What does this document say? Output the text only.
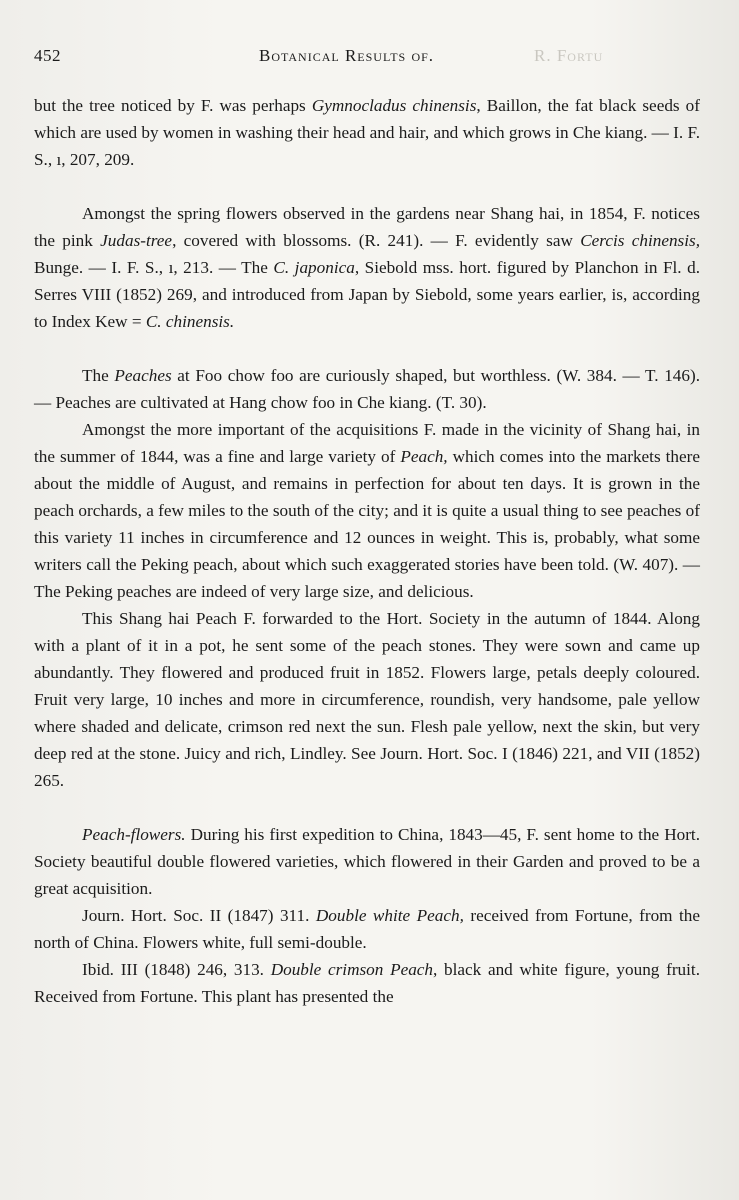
452	Botanical Results of.	R. Fortu

but the tree noticed by F. was perhaps Gymnocladus chinensis, Baillon, the fat black seeds of which are used by women in washing their head and hair, and which grows in Che kiang. — I. F. S., ı, 207, 209.

Amongst the spring flowers observed in the gardens near Shang hai, in 1854, F. notices the pink Judas-tree, covered with blossoms. (R. 241). — F. evidently saw Cercis chinensis, Bunge. — I. F. S., ı, 213. — The C. japonica, Siebold mss. hort. figured by Planchon in Fl. d. Serres VIII (1852) 269, and introduced from Japan by Siebold, some years earlier, is, according to Index Kew = C. chinensis.

The Peaches at Foo chow foo are curiously shaped, but worthless. (W. 384. — T. 146). — Peaches are cultivated at Hang chow foo in Che kiang. (T. 30).

Amongst the more important of the acquisitions F. made in the vicinity of Shang hai, in the summer of 1844, was a fine and large variety of Peach, which comes into the markets there about the middle of August, and remains in perfection for about ten days. It is grown in the peach orchards, a few miles to the south of the city; and it is quite a usual thing to see peaches of this variety 11 inches in circumference and 12 ounces in weight. This is, probably, what some writers call the Peking peach, about which such exaggerated stories have been told. (W. 407). — The Peking peaches are indeed of very large size, and delicious.

This Shang hai Peach F. forwarded to the Hort. Society in the autumn of 1844. Along with a plant of it in a pot, he sent some of the peach stones. They were sown and came up abundantly. They flowered and produced fruit in 1852. Flowers large, petals deeply coloured. Fruit very large, 10 inches and more in circumference, roundish, very handsome, pale yellow where shaded and delicate, crimson red next the sun. Flesh pale yellow, next the skin, but very deep red at the stone. Juicy and rich, Lindley. See Journ. Hort. Soc. I (1846) 221, and VII (1852) 265.

Peach-flowers. During his first expedition to China, 1843—45, F. sent home to the Hort. Society beautiful double flowered varieties, which flowered in their Garden and proved to be a great acquisition.

Journ. Hort. Soc. II (1847) 311. Double white Peach, received from Fortune, from the north of China. Flowers white, full semi-double.

Ibid. III (1848) 246, 313. Double crimson Peach, black and white figure, young fruit. Received from Fortune. This plant has presented the
